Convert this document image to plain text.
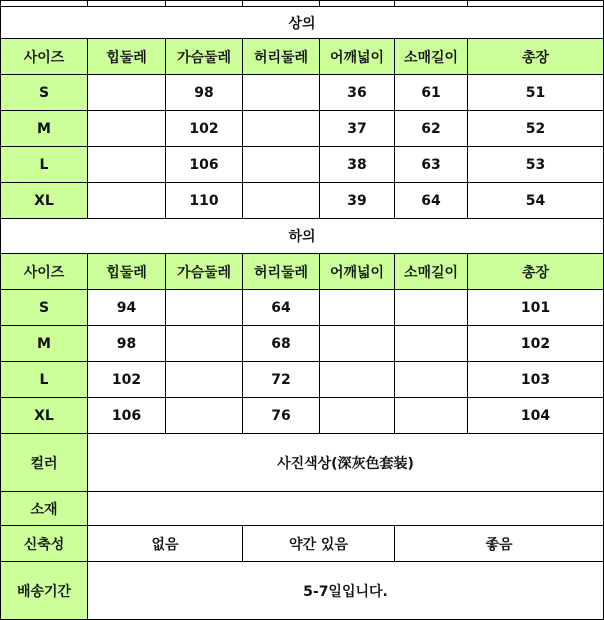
상의						
사이즈	힙둘레	가슴둘레	허리둘레	어깨넓이	소매길이	총장
S		98		36	61	51
M		102		37	62	52
L		106		38	63	53
XL		110		39	64	54
하의						
사이즈	힙둘레	가슴둘레	허리둘레	어깨넓이	소매길이	총장
S	94		64			101
M	98		68			102
L	102		72			103
XL	106		76			104
컬러	사진색상(深灰色套装)					
소재						
신축성	없음		약간 있음		좋음	
배송기간	5-7일입니다.					
